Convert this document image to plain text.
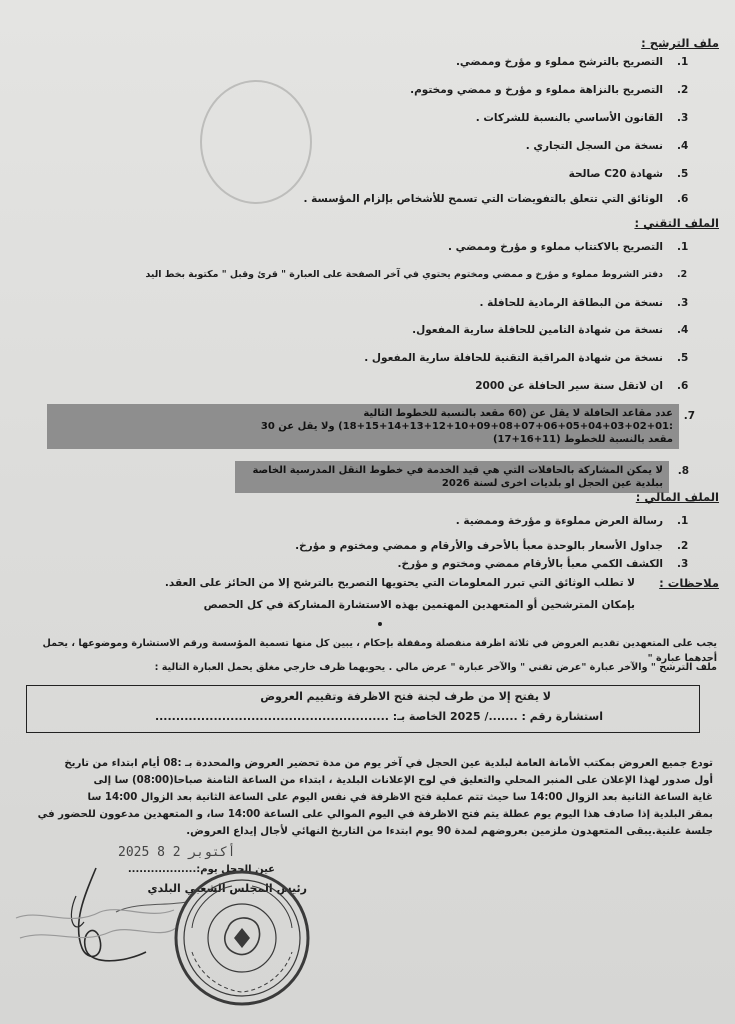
ملف الترشح :
1.التصريح بالترشح مملوء و مؤرخ وممضي.
2.التصريح بالنزاهة مملوء و مؤرخ و ممضي ومختوم.
3.القانون الأساسي بالنسبة للشركات .
4.نسخة من السجل التجاري .
5.شهادة C20 صالحة
6.الوثائق التي تتعلق بالتفويضات التي تسمح للأشخاص بإلزام المؤسسة .
الملف التقني :
1.التصريح بالاكتتاب مملوء و مؤرخ وممضي .
2.دفتر الشروط مملوء و مؤرخ و ممضي ومختوم يحتوي في آخر الصفحة على العبارة " قرئ وقبل " مكتوبة بخط اليد
3.نسخة من البطاقة الرمادية للحافلة .
4.نسخة من شهادة التامين للحافلة سارية المفعول.
5.نسخة من شهادة المراقبة التقنية للحافلة سارية المفعول .
6.ان لاتقل سنة سير الحافلة عن 2000
عدد مقاعد الحافلة لا يقل عن (60 مقعد بالنسبة للخطوط التالية :01+02+03+04+05+06+07+08+09+10+12+13+14+15+18) ولا يقل عن 30
مقعد بالنسبة للخطوط (11+16+17)
7.
لا يمكن المشاركة بالحافلات التي هي قيد الخدمة في خطوط النقل المدرسية الخاصة ببلدية عين الحجل او بلديات اخرى لسنة 2026
8.
الملف المالي :
1.رسالة العرض مملوءة و مؤرخة وممضية .
2.جداول الأسعار بالوحدة معبأ بالأحرف والأرقام و ممضي ومختوم و مؤرخ.
3.الكشف الكمي معبأ بالأرقام ممضي ومختوم و مؤرخ.
ملاحظات :
لا تطلب الوثائق التي تبرر المعلومات التي يحتويها التصريح بالترشح إلا من الحائز على العقد.
بإمكان المترشحين أو المتعهدين المهتمين بهذه الاستشارة المشاركة في كل الحصص
يجب على المتعهدين تقديم العروض في ثلاثة اظرفة منفصلة ومقفلة بإحكام ، يبين كل منها تسمية المؤسسة ورقم الاستشارة وموضوعها ، يحمل أحدهما عبارة "
ملف الترشح " والآخر عبارة "عرض تقني " والآخر عبارة " عرض مالي . يحويهما ظرف خارجي مغلق يحمل العبارة التالية :
لا يفتح إلا من طرف لجنة فتح الاظرفة وتقييم العروض
استشارة رقم : ......./ 2025 الخاصة بـ: ........................................................
تودع جميع العروض بمكتب الأمانة العامة لبلدية عين الحجل في آخر يوم من مدة تحضير العروض والمحددة بـ :08 أيام ابتداء من تاريخ
أول صدور لهذا الإعلان على المنبر المحلي والتعليق في لوح الإعلانات البلدية ، ابتداء من الساعة الثامنة صباحا(08:00) سا إلى
غاية الساعة الثانية بعد الزوال 14:00 سا حيث تتم عملية فتح الاظرفة في نفس اليوم على الساعة الثانية بعد الزوال 14:00 سا
بمقر البلدية إذا صادف هذا اليوم يوم عطلة يتم فتح الاظرفة في اليوم الموالي على الساعة 14:00 سا، و المتعهدين مدعوون للحضور في
جلسة علنية.يبقى المتعهدون ملزمين بعروضهم لمدة 90 يوم ابتدءا من التاريخ النهائي لأجال إيداع العروض.
2025 أكتوبر 2 8
عين الحجل يوم:..................
رئيس المجلس الشعبي البلدي
